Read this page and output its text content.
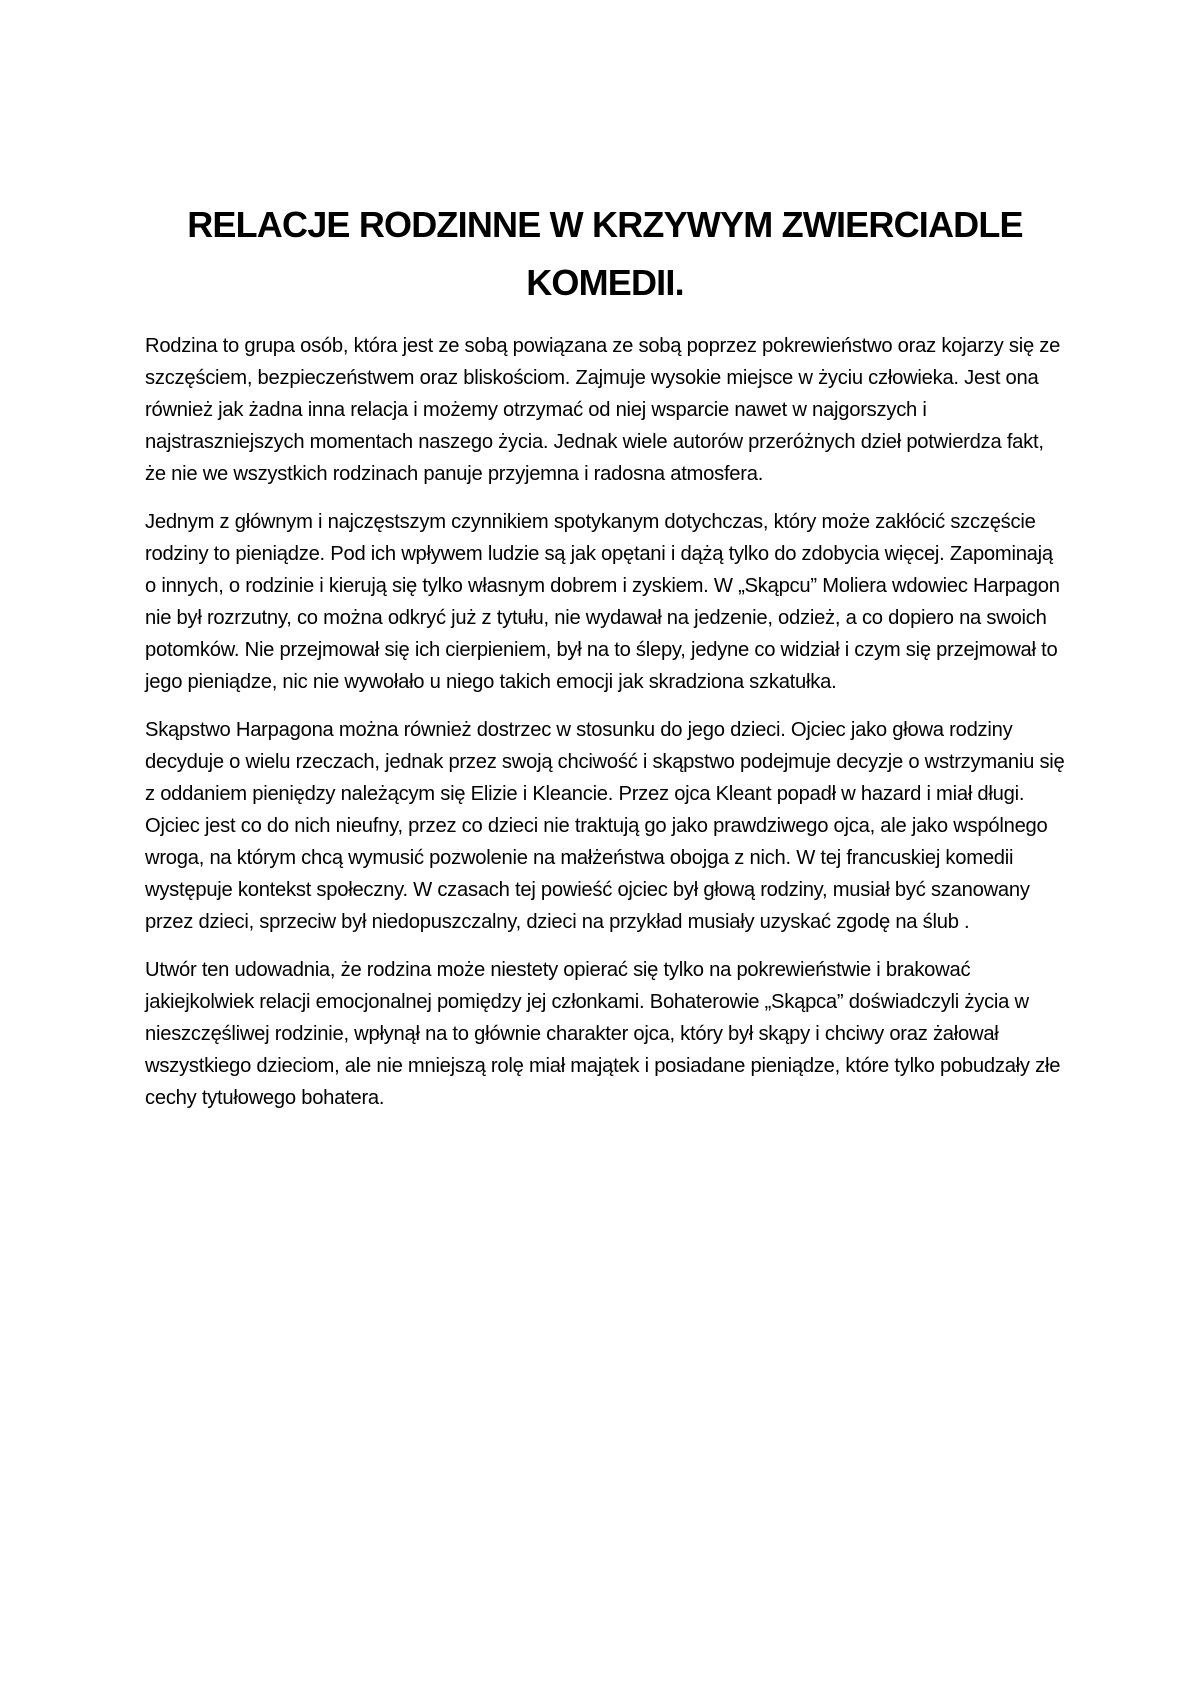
RELACJE RODZINNE W KRZYWYM ZWIERCIADLE KOMEDII.

Rodzina to grupa osób, która jest ze sobą powiązana ze sobą poprzez pokrewieństwo oraz kojarzy się ze szczęściem, bezpieczeństwem oraz bliskościom. Zajmuje wysokie miejsce w życiu człowieka. Jest ona również jak żadna inna relacja i możemy otrzymać od niej wsparcie nawet w najgorszych i najstraszniejszych momentach naszego życia. Jednak wiele autorów przeróżnych dzieł potwierdza fakt, że nie we wszystkich rodzinach panuje przyjemna i radosna atmosfera.

Jednym z głównym i najczęstszym czynnikiem spotykanym dotychczas, który może zakłócić szczęście rodziny to pieniądze. Pod ich wpływem ludzie są jak opętani i dążą tylko do zdobycia więcej. Zapominają o innych, o rodzinie i kierują się tylko własnym dobrem i zyskiem. W „Skąpcu” Moliera wdowiec Harpagon nie był rozrzutny, co można odkryć już z tytułu, nie wydawał na jedzenie, odzież, a co dopiero na swoich potomków. Nie przejmował się ich cierpieniem, był na to ślepy, jedyne co widział i czym się przejmował to jego pieniądze, nic nie wywołało u niego takich emocji jak skradziona szkatułka.

Skąpstwo Harpagona można również dostrzec w stosunku do jego dzieci. Ojciec jako głowa rodziny decyduje o wielu rzeczach, jednak przez swoją chciwość i skąpstwo podejmuje decyzje o wstrzymaniu się z oddaniem pieniędzy należącym się Elizie i Kleancie. Przez ojca Kleant popadł w hazard i miał długi. Ojciec jest co do nich nieufny, przez co dzieci nie traktują go jako prawdziwego ojca, ale jako wspólnego wroga, na którym chcą wymusić pozwolenie na małżeństwa obojga z nich. W tej francuskiej komedii występuje kontekst społeczny. W czasach tej powieść ojciec był głową rodziny, musiał być szanowany przez dzieci, sprzeciw był niedopuszczalny, dzieci na przykład musiały uzyskać zgodę na ślub .

Utwór ten udowadnia, że rodzina może niestety opierać się tylko na pokrewieństwie i brakować jakiejkolwiek relacji emocjonalnej pomiędzy jej członkami. Bohaterowie „Skąpca” doświadczyli życia w nieszczęśliwej rodzinie, wpłynął na to głównie charakter ojca, który był skąpy i chciwy oraz żałował wszystkiego dzieciom, ale nie mniejszą rolę miał majątek i posiadane pieniądze, które tylko pobudzały złe cechy tytułowego bohatera.
